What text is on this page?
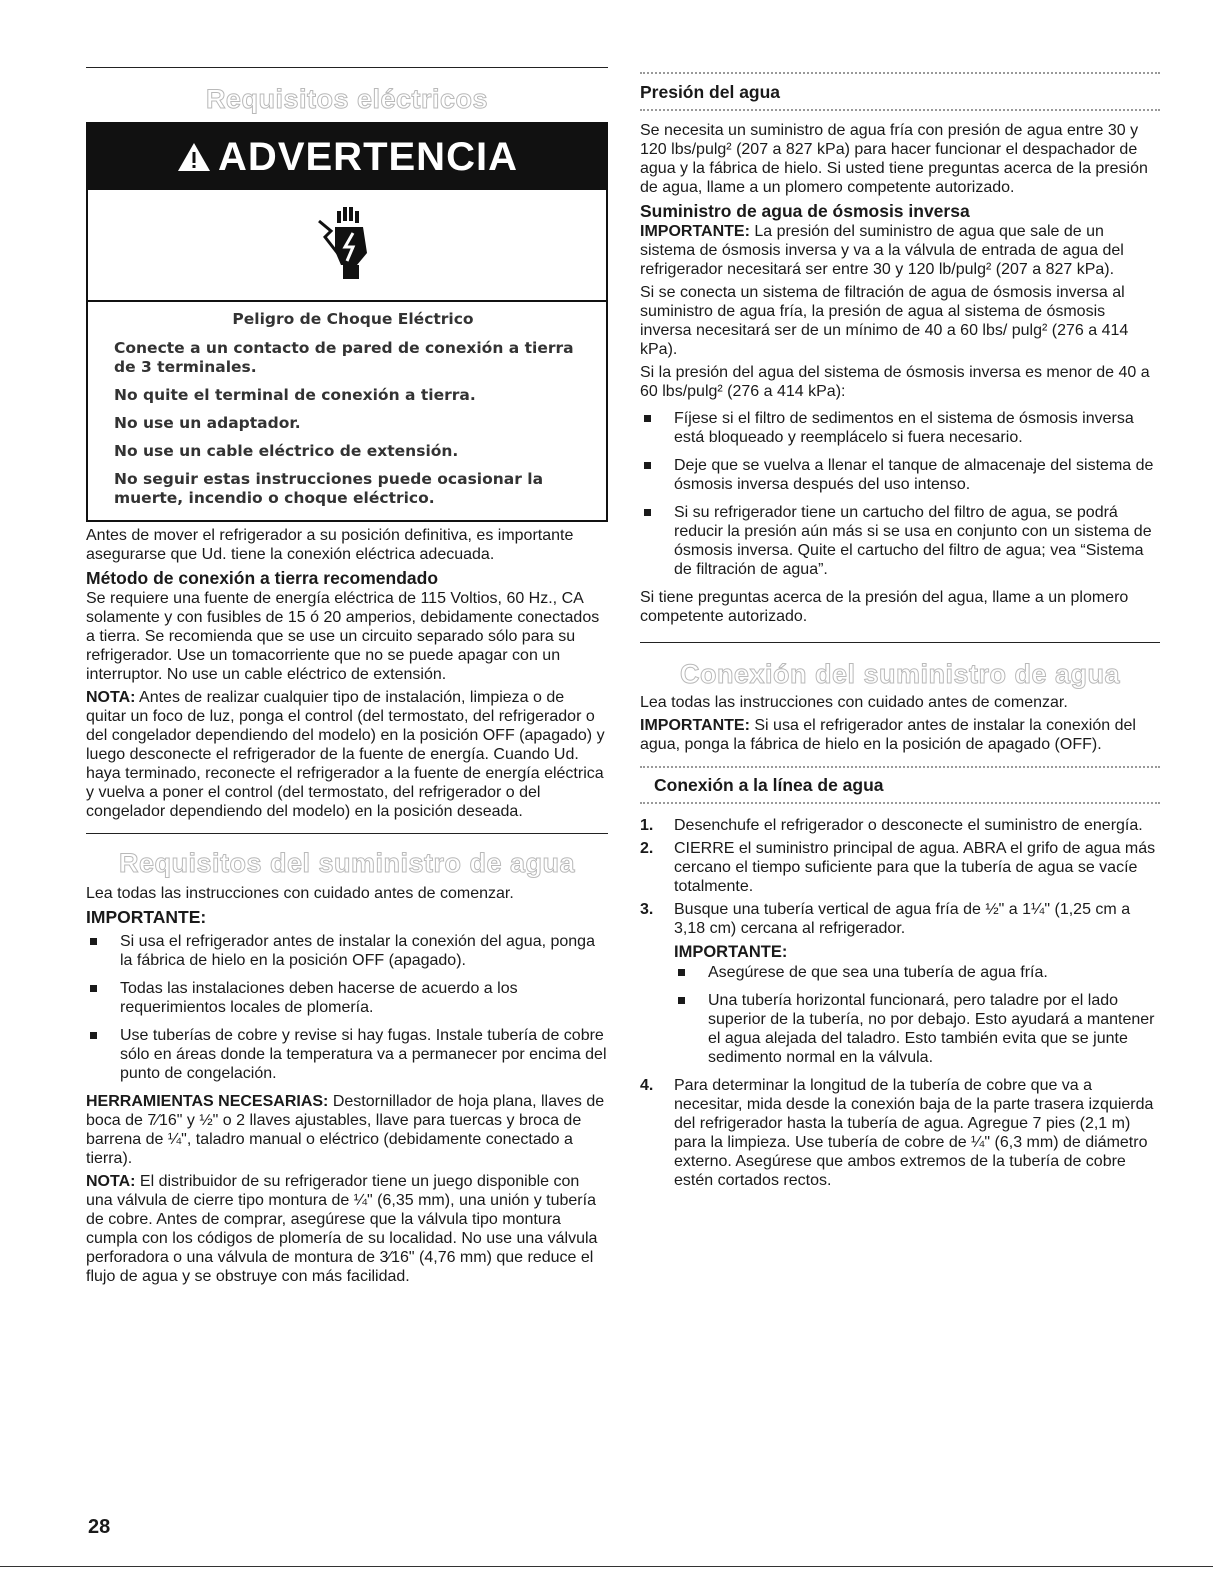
Requisitos eléctricos
ADVERTENCIA
Peligro de Choque Eléctrico
Conecte a un contacto de pared de conexión a tierra de 3 terminales.
No quite el terminal de conexión a tierra.
No use un adaptador.
No use un cable eléctrico de extensión.
No seguir estas instrucciones puede ocasionar la muerte, incendio o choque eléctrico.

Antes de mover el refrigerador a su posición definitiva, es importante asegurarse que Ud. tiene la conexión eléctrica adecuada.

Método de conexión a tierra recomendado

Se requiere una fuente de energía eléctrica de 115 Voltios, 60 Hz., CA solamente y con fusibles de 15 ó 20 amperios, debidamente conectados a tierra. Se recomienda que se use un circuito separado sólo para su refrigerador. Use un tomacorriente que no se puede apagar con un interruptor. No use un cable eléctrico de extensión.

NOTA: Antes de realizar cualquier tipo de instalación, limpieza o de quitar un foco de luz, ponga el control (del termostato, del refrigerador o del congelador dependiendo del modelo) en la posición OFF (apagado) y luego desconecte el refrigerador de la fuente de energía. Cuando Ud. haya terminado, reconecte el refrigerador a la fuente de energía eléctrica y vuelva a poner el control (del termostato, del refrigerador o del congelador dependiendo del modelo) en la posición deseada.

Requisitos del suministro de agua

Lea todas las instrucciones con cuidado antes de comenzar.

IMPORTANTE:
Si usa el refrigerador antes de instalar la conexión del agua, ponga la fábrica de hielo en la posición OFF (apagado).
Todas las instalaciones deben hacerse de acuerdo a los requerimientos locales de plomería.
Use tuberías de cobre y revise si hay fugas. Instale tubería de cobre sólo en áreas donde la temperatura va a permanecer por encima del punto de congelación.

HERRAMIENTAS NECESARIAS: Destornillador de hoja plana, llaves de boca de 7⁄16" y ½" o 2 llaves ajustables, llave para tuercas y broca de barrena de ¼", taladro manual o eléctrico (debidamente conectado a tierra).

NOTA: El distribuidor de su refrigerador tiene un juego disponible con una válvula de cierre tipo montura de ¼" (6,35 mm), una unión y tubería de cobre. Antes de comprar, asegúrese que la válvula tipo montura cumpla con los códigos de plomería de su localidad. No use una válvula perforadora o una válvula de montura de 3⁄16" (4,76 mm) que reduce el flujo de agua y se obstruye con más facilidad.

Presión del agua

Se necesita un suministro de agua fría con presión de agua entre 30 y 120 lbs/pulg² (207 a 827 kPa) para hacer funcionar el despachador de agua y la fábrica de hielo. Si usted tiene preguntas acerca de la presión de agua, llame a un plomero competente autorizado.

Suministro de agua de ósmosis inversa

IMPORTANTE: La presión del suministro de agua que sale de un sistema de ósmosis inversa y va a la válvula de entrada de agua del refrigerador necesitará ser entre 30 y 120 lb/pulg² (207 a 827 kPa).

Si se conecta un sistema de filtración de agua de ósmosis inversa al suministro de agua fría, la presión de agua al sistema de ósmosis inversa necesitará ser de un mínimo de 40 a 60 lbs/ pulg² (276 a 414 kPa).

Si la presión del agua del sistema de ósmosis inversa es menor de 40 a 60 lbs/pulg² (276 a 414 kPa):

Fíjese si el filtro de sedimentos en el sistema de ósmosis inversa está bloqueado y reemplácelo si fuera necesario.
Deje que se vuelva a llenar el tanque de almacenaje del sistema de ósmosis inversa después del uso intenso.
Si su refrigerador tiene un cartucho del filtro de agua, se podrá reducir la presión aún más si se usa en conjunto con un sistema de ósmosis inversa. Quite el cartucho del filtro de agua; vea “Sistema de filtración de agua”.

Si tiene preguntas acerca de la presión del agua, llame a un plomero competente autorizado.

Conexión del suministro de agua

Lea todas las instrucciones con cuidado antes de comenzar.

IMPORTANTE: Si usa el refrigerador antes de instalar la conexión del agua, ponga la fábrica de hielo en la posición de apagado (OFF).

Conexión a la línea de agua
1. Desenchufe el refrigerador o desconecte el suministro de energía.
2. CIERRE el suministro principal de agua. ABRA el grifo de agua más cercano el tiempo suficiente para que la tubería de agua se vacíe totalmente.
3. Busque una tubería vertical de agua fría de ½" a 1¼" (1,25 cm a 3,18 cm) cercana al refrigerador.
IMPORTANTE:
Asegúrese de que sea una tubería de agua fría.
Una tubería horizontal funcionará, pero taladre por el lado superior de la tubería, no por debajo. Esto ayudará a mantener el agua alejada del taladro. Esto también evita que se junte sedimento normal en la válvula.
4. Para determinar la longitud de la tubería de cobre que va a necesitar, mida desde la conexión baja de la parte trasera izquierda del refrigerador hasta la tubería de agua. Agregue 7 pies (2,1 m) para la limpieza. Use tubería de cobre de ¼" (6,3 mm) de diámetro externo. Asegúrese que ambos extremos de la tubería de cobre estén cortados rectos.
28
